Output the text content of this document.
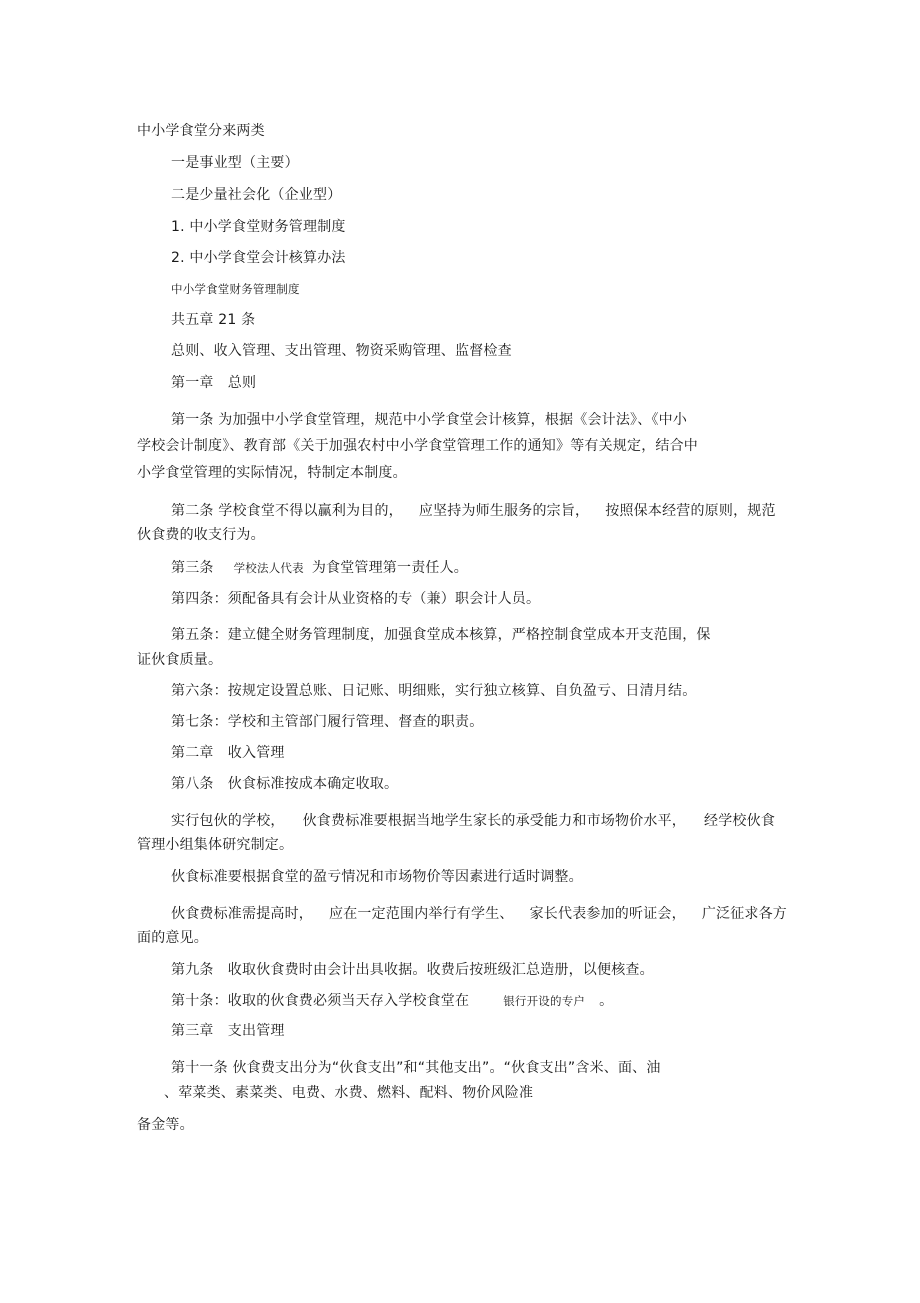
中小学食堂分来两类
一是事业型（主要）
二是少量社会化（企业型）
1. 中小学食堂财务管理制度
2. 中小学食堂会计核算办法
中小学食堂财务管理制度
共五章 21 条
总则、收入管理、支出管理、物资采购管理、监督检查
第一章　总则
第一条 为加强中小学食堂管理，规范中小学食堂会计核算，根据《会计法》、《中小
学校会计制度》、教育部《关于加强农村中小学食堂管理工作的通知》等有关规定，结合中
小学食堂管理的实际情况，特制定本制度。
第二条 学校食堂不得以赢利为目的， 应坚持为师生服务的宗旨， 按照保本经营的原则，规范
伙食费的收支行为。
第三条 学校法人代表 为食堂管理第一责任人。
第四条：须配备具有会计从业资格的专（兼）职会计人员。
第五条：建立健全财务管理制度，加强食堂成本核算，严格控制食堂成本开支范围，保
证伙食质量。
第六条：按规定设置总账、日记账、明细账，实行独立核算、自负盈亏、日清月结。
第七条：学校和主管部门履行管理、督查的职责。
第二章　收入管理
第八条　伙食标准按成本确定收取。
实行包伙的学校， 伙食费标准要根据当地学生家长的承受能力和市场物价水平， 经学校伙食
管理小组集体研究制定。
伙食标准要根据食堂的盈亏情况和市场物价等因素进行适时调整。
伙食费标准需提高时， 应在一定范围内举行有学生、 家长代表参加的听证会， 广泛征求各方
面的意见。
第九条　收取伙食费时由会计出具收据。收费后按班级汇总造册，以便核查。
第十条：收取的伙食费必须当天存入学校食堂在	银行开设的专户 。
第三章　支出管理
第十一条 伙食费支出分为“伙食支出”和“其他支出”。“伙食支出”含米、面、油
、荤菜类、素菜类、电费、水费、燃料、配料、物价风险准
备金等。
